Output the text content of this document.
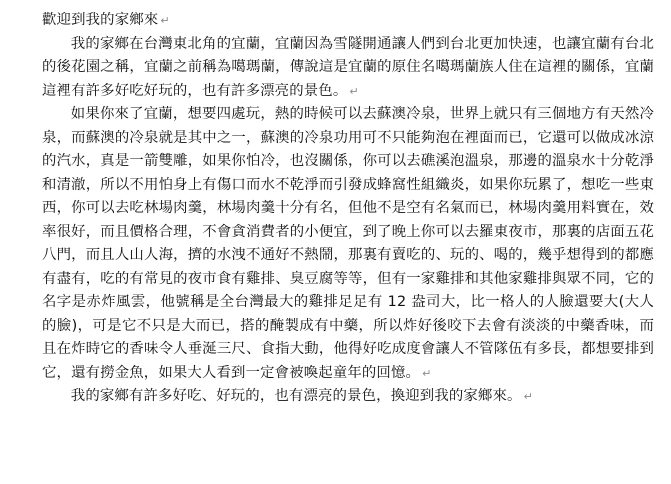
歡迎到我的家鄉來 ↵

我的家鄉在台灣東北角的宜蘭，宜蘭因為雪隧開通讓人們到台北更加快速，也讓宜蘭有台北的後花園之稱，宜蘭之前稱為噶瑪蘭，傳說這是宜蘭的原住名噶瑪蘭族人住在這裡的關係，宜蘭這裡有許多好吃好玩的，也有許多漂亮的景色。 ↵

如果你來了宜蘭，想要四處玩，熱的時候可以去蘇澳冷泉，世界上就只有三個地方有天然冷泉，而蘇澳的冷泉就是其中之一，蘇澳的冷泉功用可不只能夠泡在裡面而已，它還可以做成冰涼的汽水，真是一箭雙雕，如果你怕冷，也沒關係，你可以去礁溪泡溫泉，那邊的溫泉水十分乾淨和清澈，所以不用怕身上有傷口而水不乾淨而引發成蜂窩性組織炎，如果你玩累了，想吃一些東西，你可以去吃林場肉羹，林場肉羹十分有名，但他不是空有名氣而已，林場肉羹用料實在，效率很好，而且價格合理，不會貪消費者的小便宜，到了晚上你可以去羅東夜市，那裏的店面五花八門，而且人山人海，擠的水洩不通好不熱鬧，那裏有賣吃的、玩的、喝的，幾乎想得到的都應有盡有，吃的有常見的夜市食有雞排、臭豆腐等等，但有一家雞排和其他家雞排與眾不同，它的名字是赤炸風雲，他號稱是全台灣最大的雞排足足有 12 盎司大，比一格人的人臉還要大(大人的臉)，可是它不只是大而已，搭的醃製成有中藥，所以炸好後咬下去會有淡淡的中藥香味，而且在炸時它的香味令人垂涎三尺、食指大動，他得好吃成度會讓人不管隊伍有多長，都想要排到它，還有撈金魚，如果大人看到一定會被喚起童年的回憶。 ↵

我的家鄉有許多好吃、好玩的，也有漂亮的景色，換迎到我的家鄉來。 ↵
